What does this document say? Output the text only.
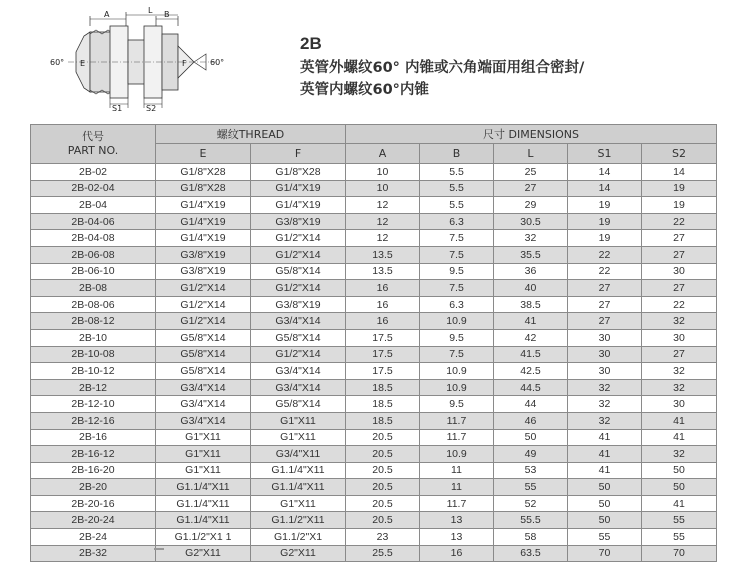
A	L B
60°	60°
E	F
S1	S2
2B
英管外螺纹60° 内锥或六角端面用组合密封/
英管内螺纹60°内锥
代号
PART NO.	螺纹THREAD		尺寸 DIMENSIONS				
	E	F	A	B	L	S1	S2
2B-02	G1/8"X28	G1/8"X28	10	5.5	25	14	14
2B-02-04	G1/8"X28	G1/4"X19	10	5.5	27	14	19
2B-04	G1/4"X19	G1/4"X19	12	5.5	29	19	19
2B-04-06	G1/4"X19	G3/8"X19	12	6.3	30.5	19	22
2B-04-08	G1/4"X19	G1/2"X14	12	7.5	32	19	27
2B-06-08	G3/8"X19	G1/2"X14	13.5	7.5	35.5	22	27
2B-06-10	G3/8"X19	G5/8"X14	13.5	9.5	36	22	30
2B-08	G1/2"X14	G1/2"X14	16	7.5	40	27	27
2B-08-06	G1/2"X14	G3/8"X19	16	6.3	38.5	27	22
2B-08-12	G1/2"X14	G3/4"X14	16	10.9	41	27	32
2B-10	G5/8"X14	G5/8"X14	17.5	9.5	42	30	30
2B-10-08	G5/8"X14	G1/2"X14	17.5	7.5	41.5	30	27
2B-10-12	G5/8"X14	G3/4"X14	17.5	10.9	42.5	30	32
2B-12	G3/4"X14	G3/4"X14	18.5	10.9	44.5	32	32
2B-12-10	G3/4"X14	G5/8"X14	18.5	9.5	44	32	30
2B-12-16	G3/4"X14	G1"X11	18.5	11.7	46	32	41
2B-16	G1"X11	G1"X11	20.5	11.7	50	41	41
2B-16-12	G1"X11	G3/4"X11	20.5	10.9	49	41	32
2B-16-20	G1"X11	G1.1/4"X11	20.5	11	53	41	50
2B-20	G1.1/4"X11	G1.1/4"X11	20.5	11	55	50	50
2B-20-16	G1.1/4"X11	G1"X11	20.5	11.7	52	50	41
2B-20-24	G1.1/4"X11	G1.1/2"X11	20.5	13	55.5	50	55
2B-24	G1.1/2"X1 1	G1.1/2"X1	23	13	58	55	55
2B-32	G2"X11	G2"X11	25.5	16	63.5	70	70
